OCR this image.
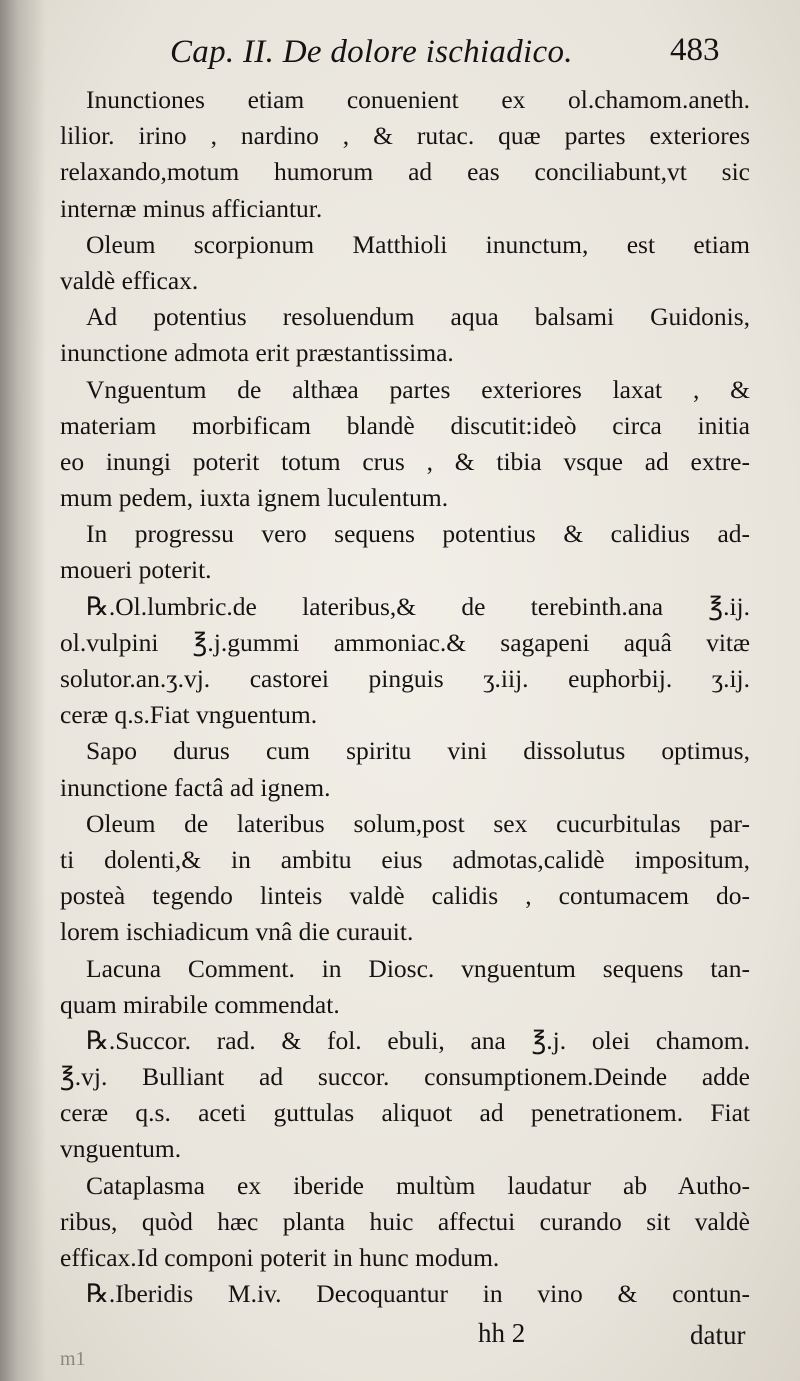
Cap. II. De dolore ischiadico.	483
Inunctiones etiam conuenient ex ol.chamom.aneth.
lilior. irino , nardino , & rutac. quæ partes exteriores
relaxando,motum humorum ad eas conciliabunt,vt sic
internæ minus afficiantur.
Oleum scorpionum Matthioli inunctum, est etiam
valdè efficax.
Ad potentius resoluendum aqua balsami Guidonis,
inunctione admota erit præstantissima.
Vnguentum de althæa partes exteriores laxat , &
materiam morbificam blandè discutit:ideò circa initia
eo inungi poterit totum crus , & tibia vsque ad extre-
mum pedem, iuxta ignem luculentum.
In progressu vero sequens potentius & calidius ad-
moueri poterit.
℞.Ol.lumbric.de lateribus,& de terebinth.ana ℥.ij.
ol.vulpini ℥.j.gummi ammoniac.& sagapeni aquâ vitæ
solutor.an.ʒ.vj. castorei pinguis ʒ.iij. euphorbij. ʒ.ij.
ceræ q.s.Fiat vnguentum.
Sapo durus cum spiritu vini dissolutus optimus,
inunctione factâ ad ignem.
Oleum de lateribus solum,post sex cucurbitulas par-
ti dolenti,& in ambitu eius admotas,calidè impositum,
posteà tegendo linteis valdè calidis , contumacem do-
lorem ischiadicum vnâ die curauit.
Lacuna Comment. in Diosc. vnguentum sequens tan-
quam mirabile commendat.
℞.Succor. rad. & fol. ebuli, ana ℥.j. olei chamom.
℥.vj. Bulliant ad succor. consumptionem.Deinde adde
ceræ q.s. aceti guttulas aliquot ad penetrationem. Fiat
vnguentum.
Cataplasma ex iberide multùm laudatur ab Autho-
ribus, quòd hæc planta huic affectui curando sit valdè
efficax.Id componi poterit in hunc modum.
℞.Iberidis M.iv. Decoquantur in vino & contun-
hh 2	datur
m1
